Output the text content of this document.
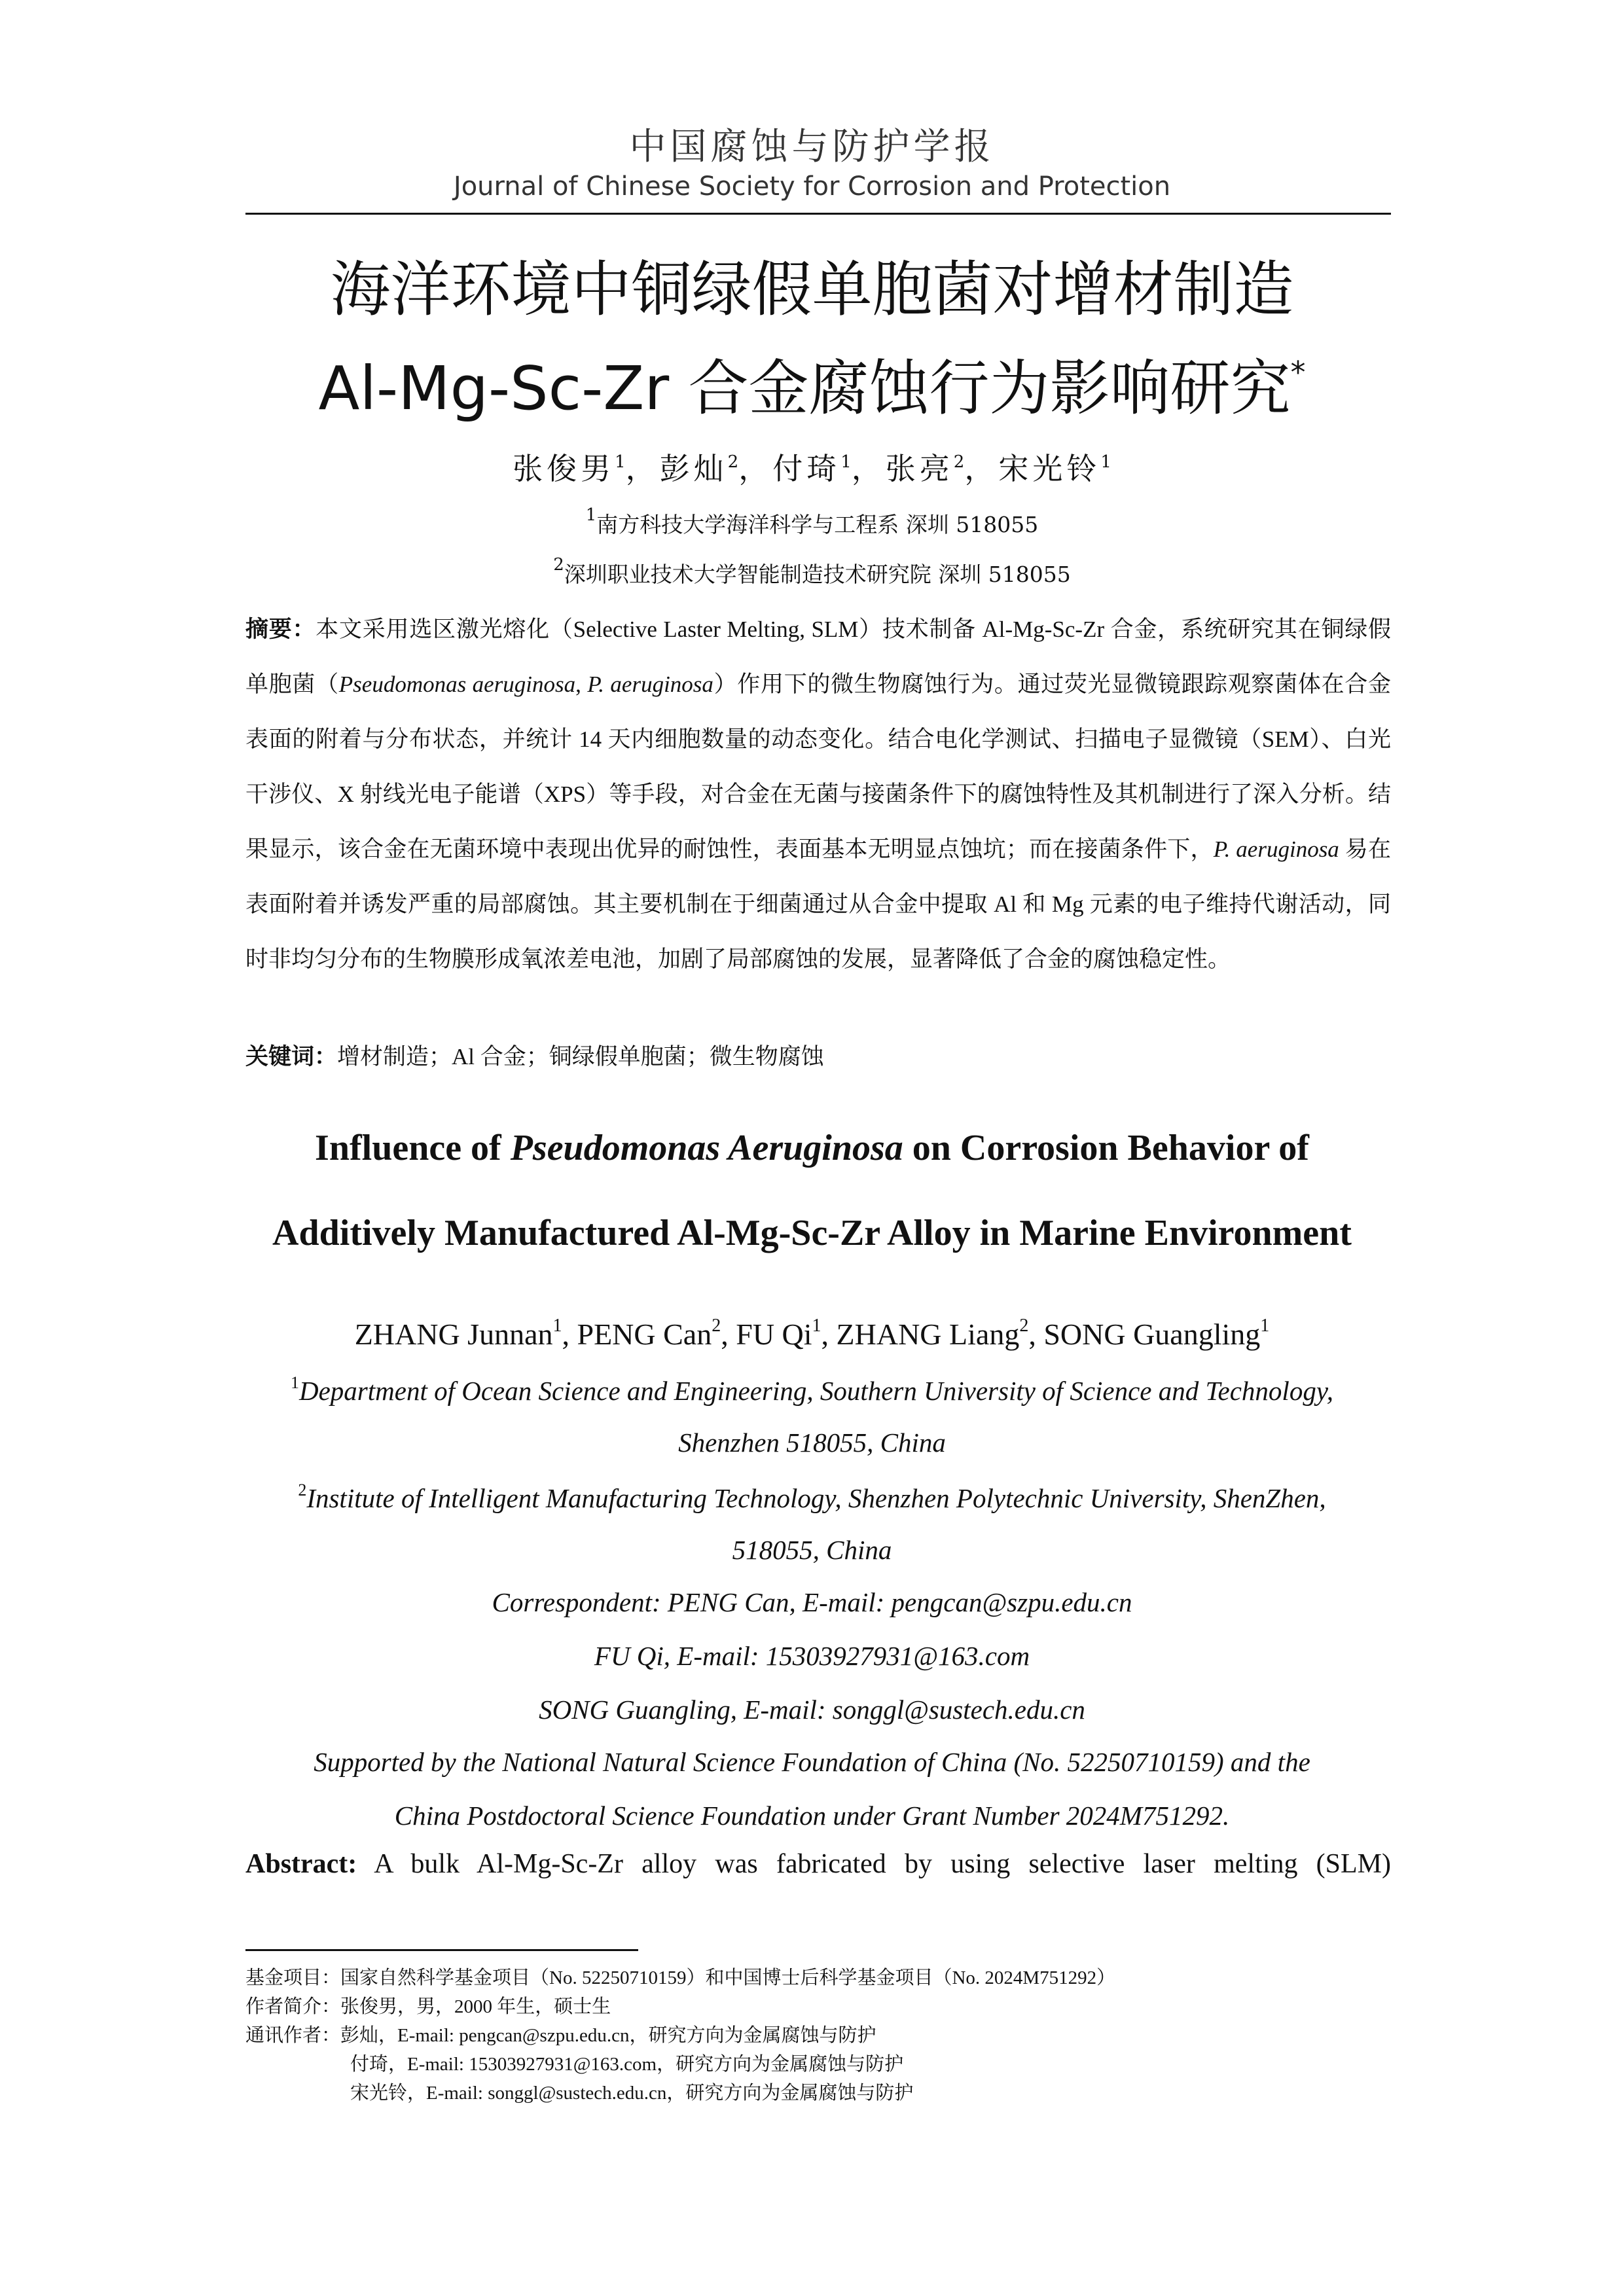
中国腐蚀与防护学报
Journal of Chinese Society for Corrosion and Protection
海洋环境中铜绿假单胞菌对增材制造
Al-Mg-Sc-Zr 合金腐蚀行为影响研究*
张俊男$^1$，彭灿$^2$，付琦$^1$，张亮$^2$，宋光铃$^1$
$^1$南方科技大学海洋科学与工程系 深圳 518055
$^2$深圳职业技术大学智能制造技术研究院 深圳 518055
摘要：本文采用选区激光熔化（Selective Laster Melting, SLM）技术制备 Al-Mg-Sc-Zr 合金，系统研究其在铜绿假单胞菌（Pseudomonas aeruginosa, P. aeruginosa）作用下的微生物腐蚀行为。通过荧光显微镜跟踪观察菌体在合金表面的附着与分布状态，并统计 14 天内细胞数量的动态变化。结合电化学测试、扫描电子显微镜（SEM）、白光干涉仪、X 射线光电子能谱（XPS）等手段，对合金在无菌与接菌条件下的腐蚀特性及其机制进行了深入分析。结果显示，该合金在无菌环境中表现出优异的耐蚀性，表面基本无明显点蚀坑；而在接菌条件下，P. aeruginosa 易在表面附着并诱发严重的局部腐蚀。其主要机制在于细菌通过从合金中提取 Al 和 Mg 元素的电子维持代谢活动，同时非均匀分布的生物膜形成氧浓差电池，加剧了局部腐蚀的发展，显著降低了合金的腐蚀稳定性。
关键词：增材制造；Al 合金；铜绿假单胞菌；微生物腐蚀
Influence of Pseudomonas Aeruginosa on Corrosion Behavior of
Additively Manufactured Al-Mg-Sc-Zr Alloy in Marine Environment
ZHANG Junnan$^1$, PENG Can$^2$, FU Qi$^1$, ZHANG Liang$^2$, SONG Guangling$^1$
$^1$Department of Ocean Science and Engineering, Southern University of Science and Technology,
Shenzhen 518055, China
$^2$Institute of Intelligent Manufacturing Technology, Shenzhen Polytechnic University, ShenZhen,
518055, China
Correspondent: PENG Can, E-mail: pengcan@szpu.edu.cn
FU Qi, E-mail: 15303927931@163.com
SONG Guangling, E-mail: songgl@sustech.edu.cn
Supported by the National Natural Science Foundation of China (No. 52250710159) and the
China Postdoctoral Science Foundation under Grant Number 2024M751292.
Abstract: A bulk Al-Mg-Sc-Zr alloy was fabricated by using selective laser melting (SLM)
基金项目：国家自然科学基金项目（No. 52250710159）和中国博士后科学基金项目（No. 2024M751292）
作者简介：张俊男，男，2000 年生，硕士生
通讯作者：彭灿，E-mail: pengcan@szpu.edu.cn，研究方向为金属腐蚀与防护
付琦，E-mail: 15303927931@163.com，研究方向为金属腐蚀与防护
宋光铃，E-mail: songgl@sustech.edu.cn，研究方向为金属腐蚀与防护
